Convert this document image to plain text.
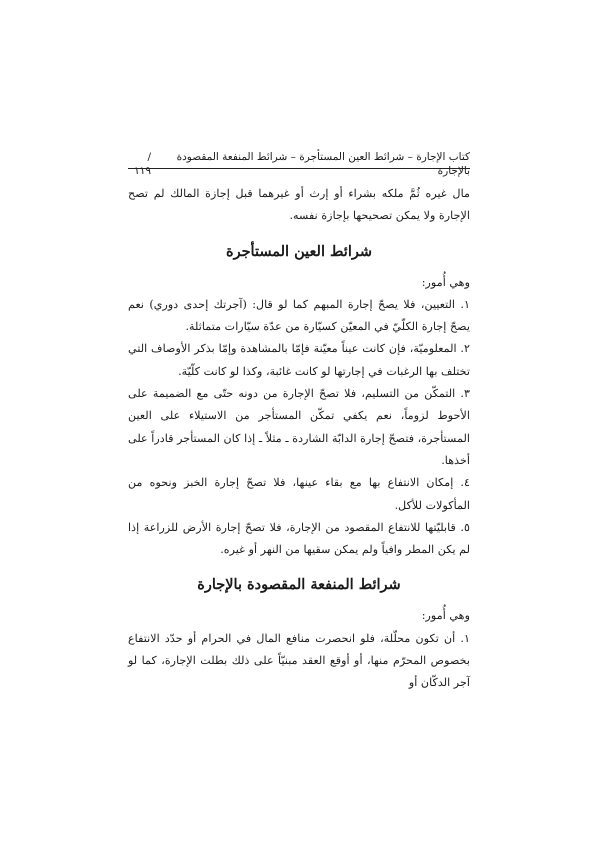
كتاب الإجارة – شرائط العين المستأجرة – شرائط المنفعة المقصودة بالإجارة
/ ١١٩

مال غيره ثُمَّ ملكه بشراء أو إرث أو غيرهما قبل إجازة المالك لم تصح الإجارة ولا يمكن تصحيحها بإجازة نفسه.

شرائط العين المستأجرة

وهي أُمور:

١. التعيين، فلا يصحّ إجارة المبهم كما لو قال: (آجرتك إحدى دوري) نعم يصحّ إجارة الكلّيّ في المعيّن كسيّارة من عدّة سيّارات متماثلة.

٢. المعلوميّة، فإن كانت عيناً معيّنة فإمّا بالمشاهدة وإمّا بذكر الأوصاف التي تختلف بها الرغبات في إجارتها لو كانت غائبة، وكذا لو كانت كلّيّة.

٣. التمكّن من التسليم، فلا تصحّ الإجارة من دونه حتّى مع الضميمة على الأحوط لزوماً، نعم يكفي تمكّن المستأجر من الاستيلاء على العين المستأجرة، فتصحّ إجارة الدابّة الشاردة ـ مثلاً ـ إذا كان المستأجر قادراً على أخذها.

٤. إمكان الانتفاع بها مع بقاء عينها، فلا تصحّ إجارة الخبز ونحوه من المأكولات للأكل.

٥. قابليّتها للانتفاع المقصود من الإجارة، فلا تصحّ إجارة الأرض للزراعة إذا لم يكن المطر وافياً ولم يمكن سقيها من النهر أو غيره.

شرائط المنفعة المقصودة بالإجارة

وهي أُمور:

١. أن تكون محلّلة، فلو انحصرت منافع المال في الحرام أو حدّد الانتفاع بخصوص المحرّم منها، أو أوقع العقد مبنيّاً على ذلك بطلت الإجارة، كما لو آجر الدكّان أو
